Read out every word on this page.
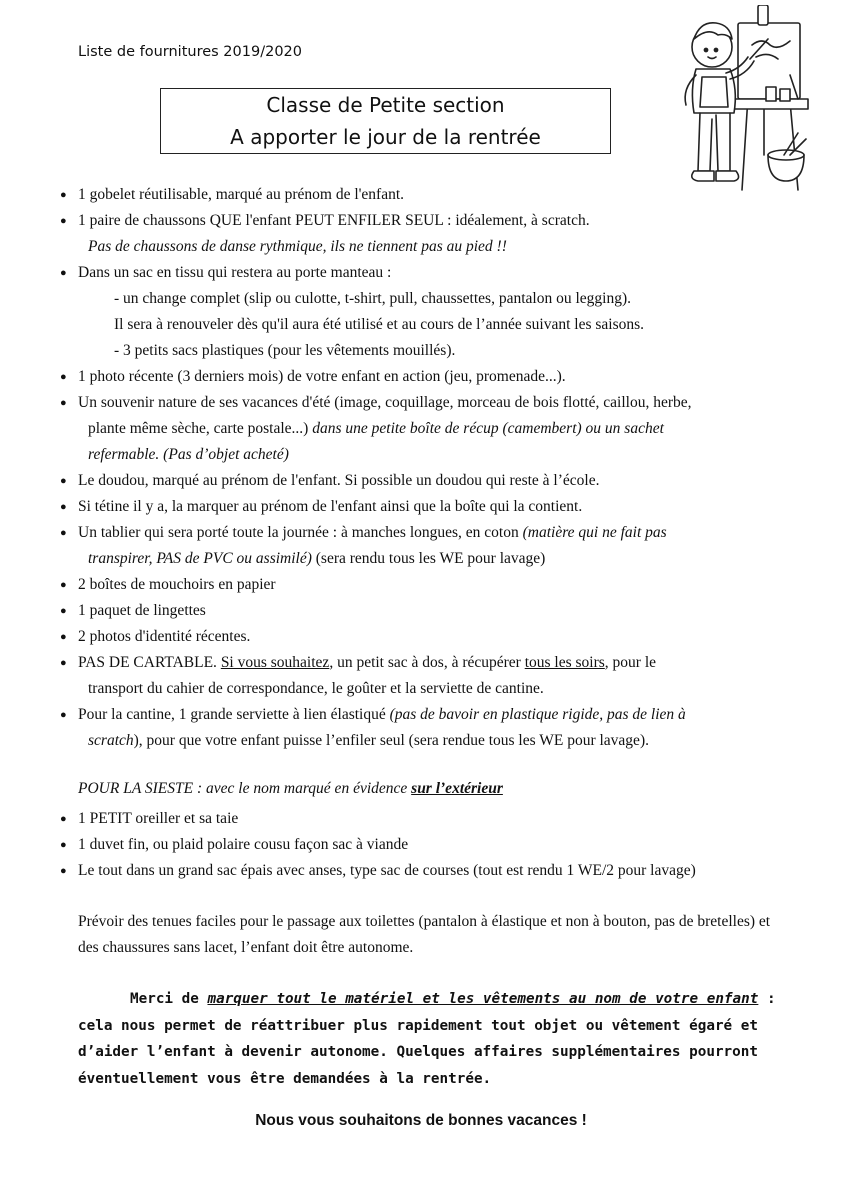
Liste de fournitures 2019/2020
Classe de Petite section
A apporter le jour de la rentrée
● 1 gobelet réutilisable, marqué au prénom de l'enfant.
● 1 paire de chaussons QUE l'enfant PEUT ENFILER SEUL : idéalement, à scratch.
Pas de chaussons de danse rythmique, ils ne tiennent pas au pied !!
● Dans un sac en tissu qui restera au porte manteau :
- un change complet (slip ou culotte, t-shirt, pull, chaussettes, pantalon ou legging).
Il sera à renouveler dès qu'il aura été utilisé et au cours de l’année suivant les saisons.
- 3 petits sacs plastiques (pour les vêtements mouillés).
● 1 photo récente (3 derniers mois) de votre enfant en action (jeu, promenade...).
● Un souvenir nature de ses vacances d'été (image, coquillage, morceau de bois flotté, caillou, herbe,
plante même sèche, carte postale...) dans une petite boîte de récup (camembert) ou un sachet
refermable. (Pas d’objet acheté)
● Le doudou, marqué au prénom de l'enfant. Si possible un doudou qui reste à l’école.
● Si tétine il y a, la marquer au prénom de l'enfant ainsi que la boîte qui la contient.
● Un tablier qui sera porté toute la journée : à manches longues, en coton (matière qui ne fait pas
transpirer, PAS de PVC ou assimilé) (sera rendu tous les WE pour lavage)
● 2 boîtes de mouchoirs en papier
● 1 paquet de lingettes
● 2 photos d'identité récentes.
● PAS DE CARTABLE. Si vous souhaitez, un petit sac à dos, à récupérer tous les soirs, pour le
transport du cahier de correspondance, le goûter et la serviette de cantine.
● Pour la cantine, 1 grande serviette à lien élastiqué (pas de bavoir en plastique rigide, pas de lien à
scratch), pour que votre enfant puisse l’enfiler seul (sera rendue tous les WE pour lavage).
POUR LA SIESTE : avec le nom marqué en évidence sur l’extérieur
● 1 PETIT oreiller et sa taie
● 1 duvet fin, ou plaid polaire cousu façon sac à viande
● Le tout dans un grand sac épais avec anses, type sac de courses (tout est rendu 1 WE/2 pour lavage)
Prévoir des tenues faciles pour le passage aux toilettes (pantalon à élastique et non à bouton, pas de bretelles) et des chaussures sans lacet, l’enfant doit être autonome.
Merci de marquer tout le matériel et les vêtements au nom de votre enfant : cela nous permet de réattribuer plus rapidement tout objet ou vêtement égaré et d’aider l’enfant à devenir autonome. Quelques affaires supplémentaires pourront éventuellement vous être demandées à la rentrée.
Nous vous souhaitons de bonnes vacances !
